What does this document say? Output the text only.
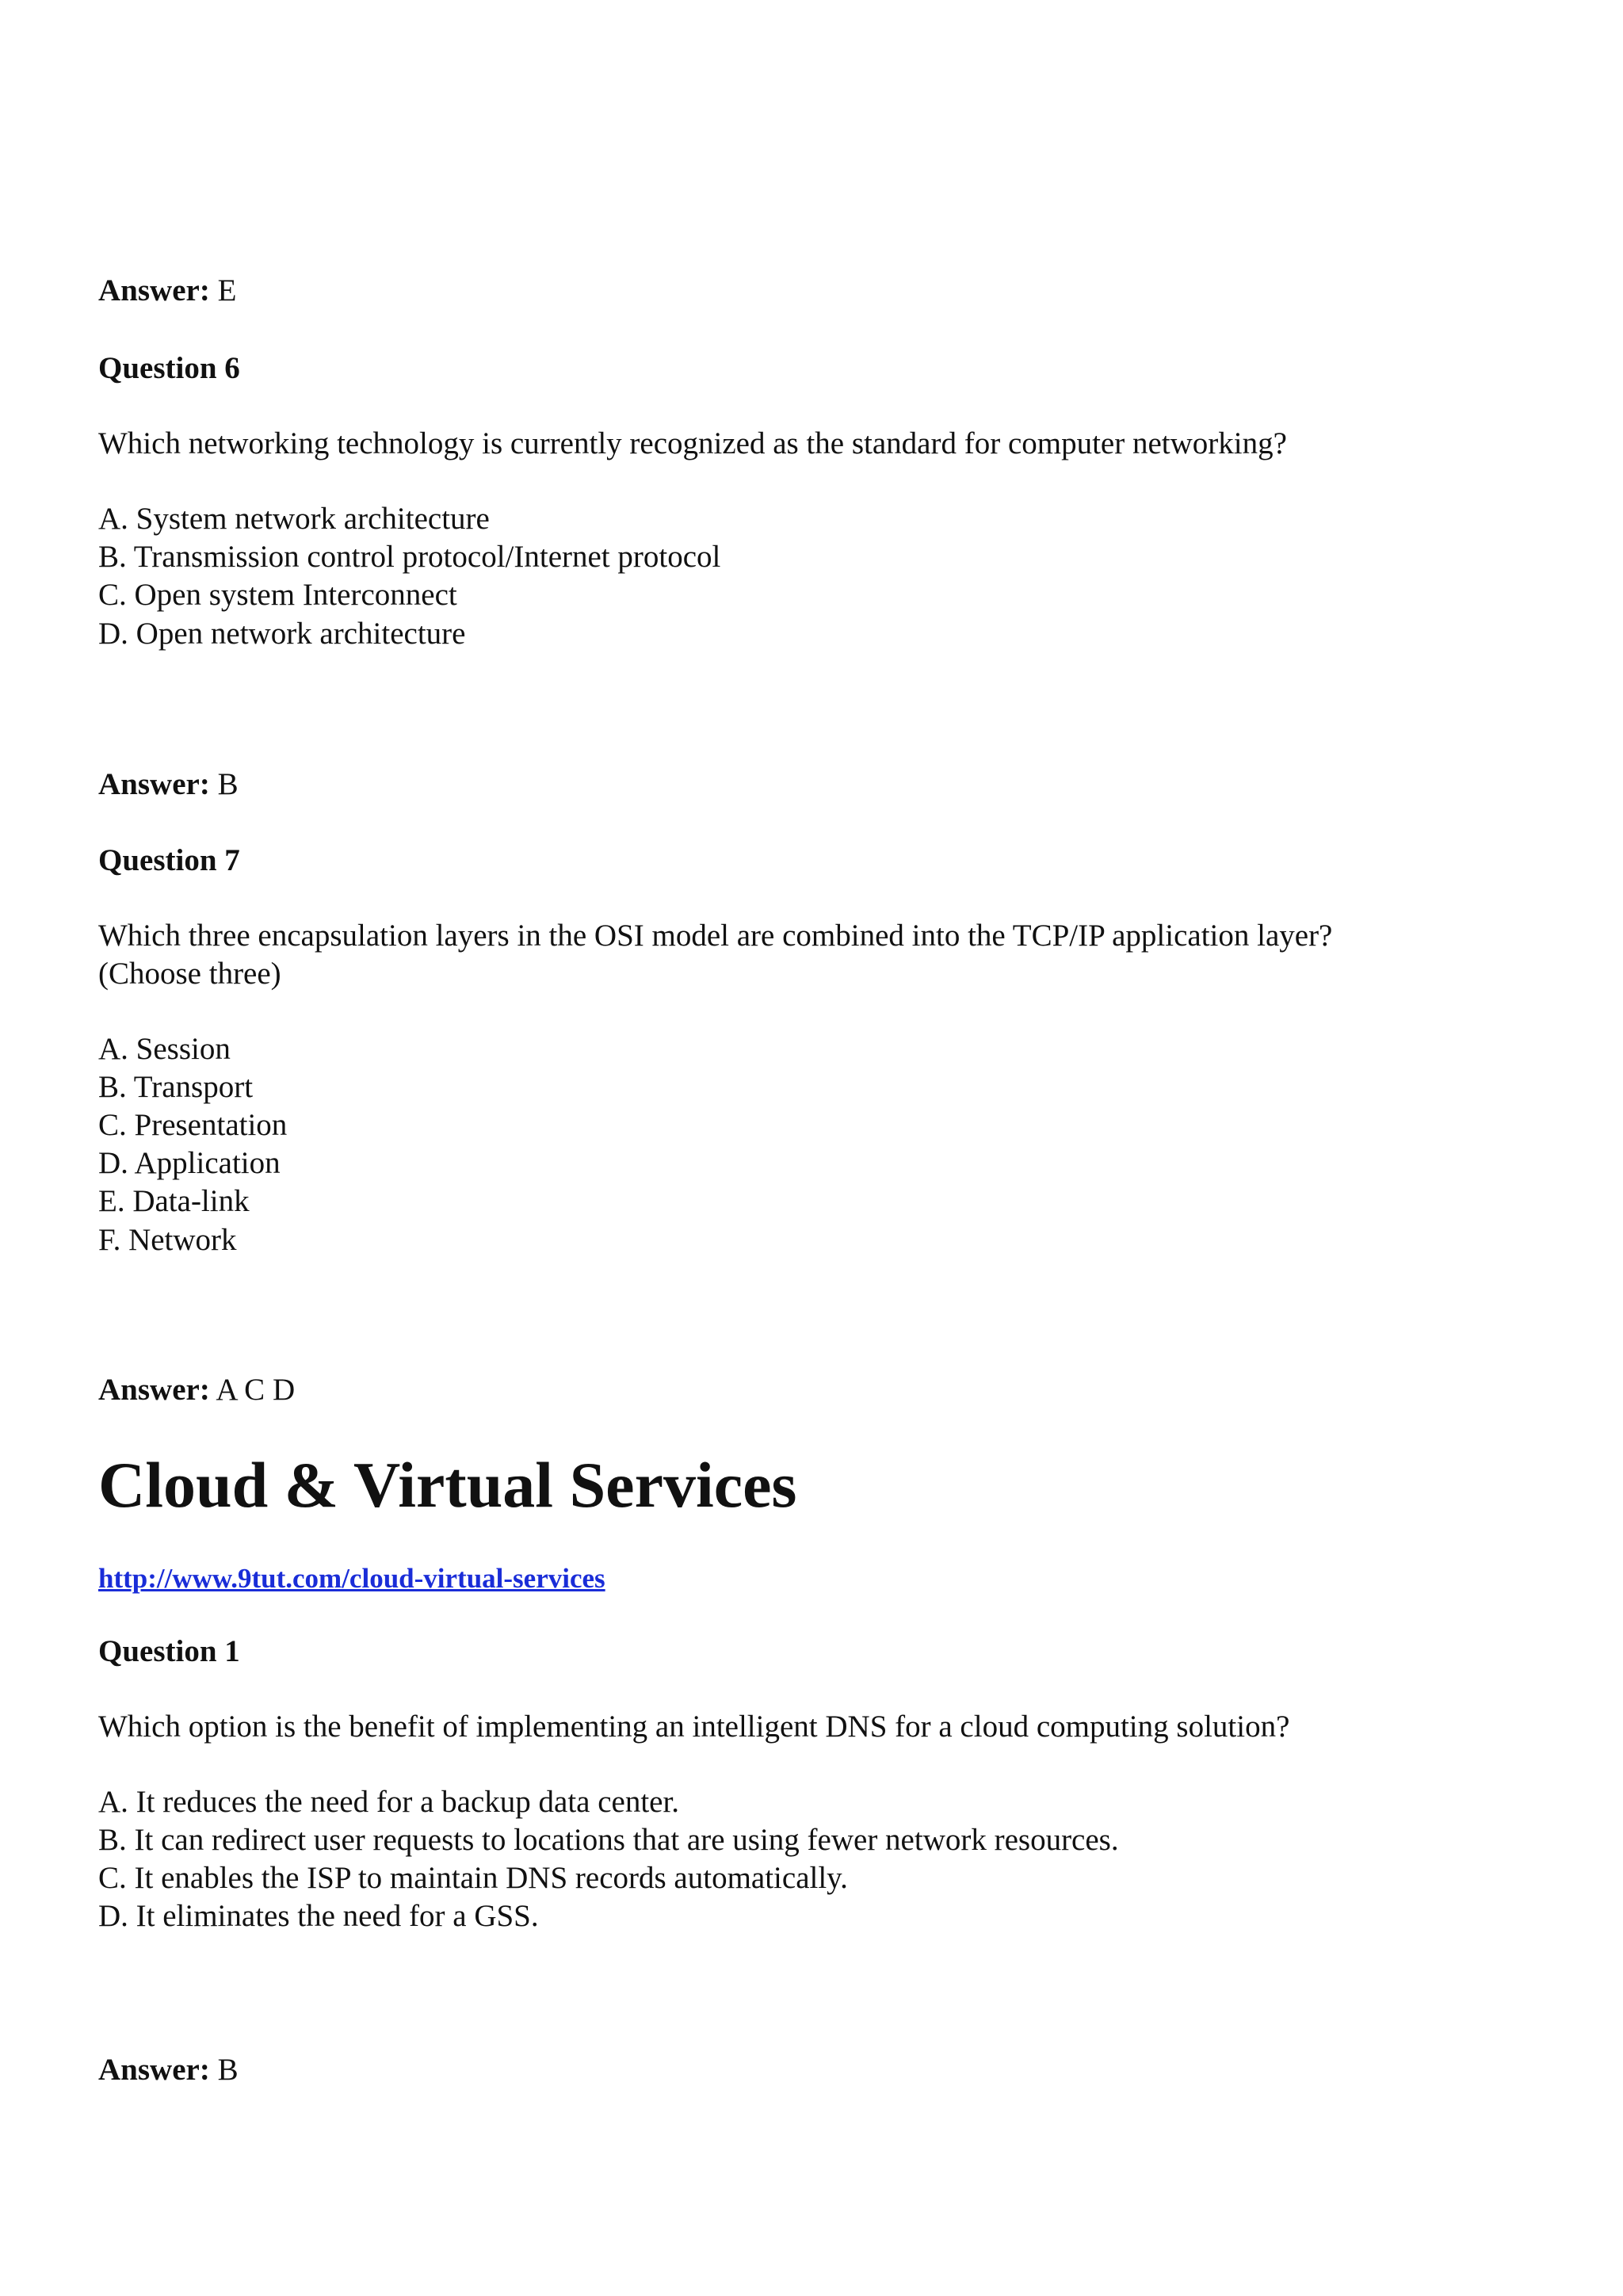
Answer: E
Question 6
Which networking technology is currently recognized as the standard for computer networking?
A. System network architecture
B. Transmission control protocol/Internet protocol
C. Open system Interconnect
D. Open network architecture
Answer: B
Question 7
Which three encapsulation layers in the OSI model are combined into the TCP/IP application layer?
(Choose three)
A. Session
B. Transport
C. Presentation
D. Application
E. Data-link
F. Network
Answer: A C D
Cloud & Virtual Services
http://www.9tut.com/cloud-virtual-services
Question 1
Which option is the benefit of implementing an intelligent DNS for a cloud computing solution?
A. It reduces the need for a backup data center.
B. It can redirect user requests to locations that are using fewer network resources.
C. It enables the ISP to maintain DNS records automatically.
D. It eliminates the need for a GSS.
Answer: B
